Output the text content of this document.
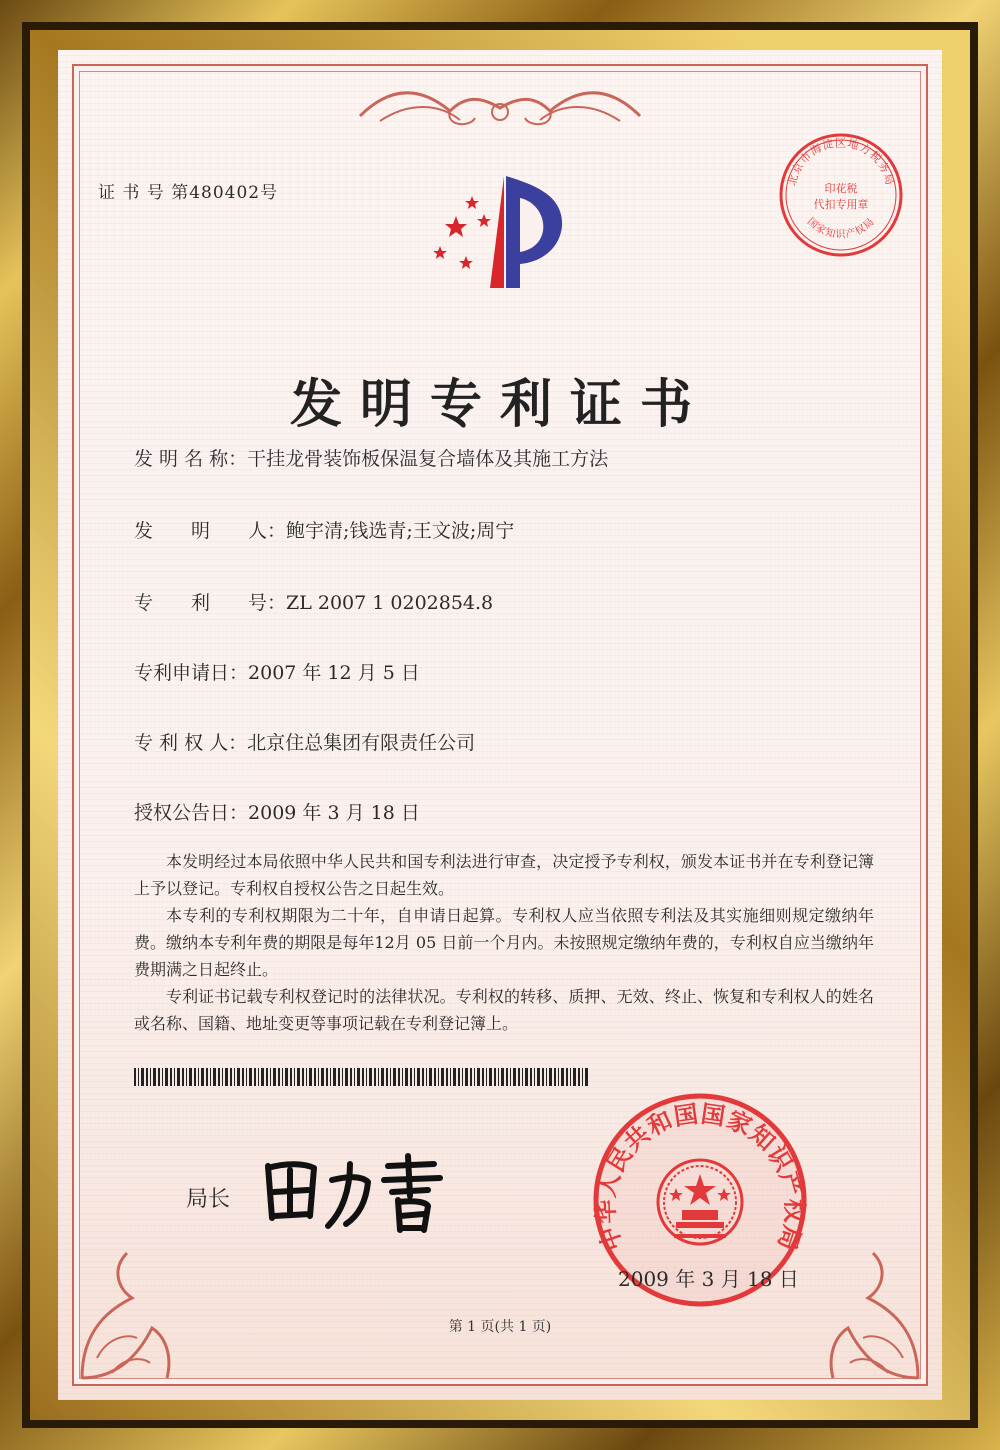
证 书 号 第480402号
北京市海淀区地方税务局
国家知识产权局
印花税
代扣专用章
发明专利证书
发 明 名 称：干挂龙骨装饰板保温复合墙体及其施工方法
发　　明　　人：鲍宇清;钱选青;王文波;周宁
专　　利　　号：ZL 2007 1 0202854.8
专利申请日：2007 年 12 月 5 日
专 利 权 人：北京住总集团有限责任公司
授权公告日：2009 年 3 月 18 日
本发明经过本局依照中华人民共和国专利法进行审查，决定授予专利权，颁发本证书并在专利登记簿上予以登记。专利权自授权公告之日起生效。
本专利的专利权期限为二十年，自申请日起算。专利权人应当依照专利法及其实施细则规定缴纳年费。缴纳本专利年费的期限是每年12月 05 日前一个月内。未按照规定缴纳年费的，专利权自应当缴纳年费期满之日起终止。
专利证书记载专利权登记时的法律状况。专利权的转移、质押、无效、终止、恢复和专利权人的姓名或名称、国籍、地址变更等事项记载在专利登记簿上。
局长
中华人民共和国国家知识产权局
2009 年 3 月 18 日
第 1 页(共 1 页)
